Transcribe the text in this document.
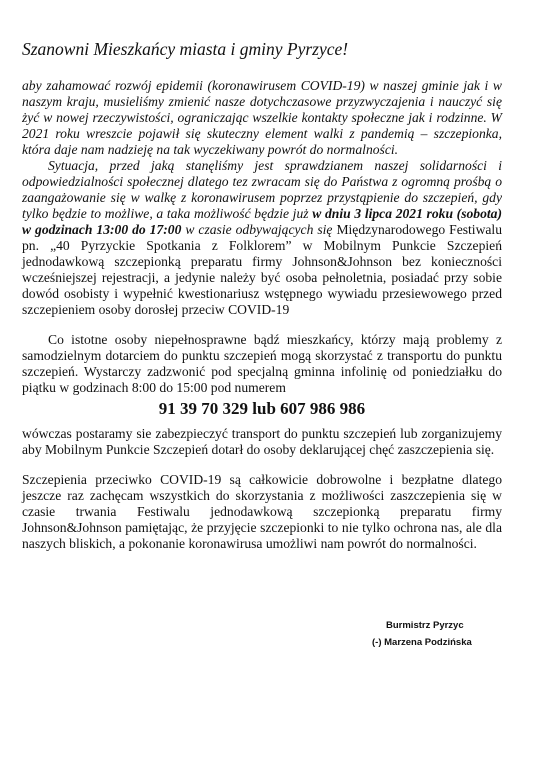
Szanowni Mieszkańcy miasta i gminy Pyrzyce!

aby zahamować rozwój epidemii (koronawirusem COVID-19) w naszej gminie jak i w naszym kraju, musieliśmy zmienić nasze dotychczasowe przyzwyczajenia i nauczyć się żyć w nowej rzeczywistości, ograniczając wszelkie kontakty społeczne jak i rodzinne. W 2021 roku wreszcie pojawił się skuteczny element walki z pandemią – szczepionka, która daje nam nadzieję na tak wyczekiwany powrót do normalności.

Sytuacja, przed jaką stanęliśmy jest sprawdzianem naszej solidarności i odpowiedzialności społecznej dlatego tez zwracam się do Państwa z ogromną prośbą o zaangażowanie się w walkę z koronawirusem poprzez przystąpienie do szczepień, gdy tylko będzie to możliwe, a taka możliwość będzie już w dniu 3 lipca 2021 roku (sobota) w godzinach 13:00 do 17:00 w czasie odbywających się Międzynarodowego Festiwalu pn. „40 Pyrzyckie Spotkania z Folklorem” w Mobilnym Punkcie Szczepień jednodawkową szczepionką preparatu firmy Johnson&Johnson bez konieczności wcześniejszej rejestracji, a jedynie należy być osoba pełnoletnia, posiadać przy sobie dowód osobisty i wypełnić kwestionariusz wstępnego wywiadu przesiewowego przed szczepieniem osoby dorosłej przeciw COVID-19

Co istotne osoby niepełnosprawne bądź mieszkańcy, którzy mają problemy z samodzielnym dotarciem do punktu szczepień mogą skorzystać z transportu do punktu szczepień. Wystarczy zadzwonić pod specjalną gminna infolinię od poniedziałku do piątku w godzinach 8:00 do 15:00 pod numerem

91 39 70 329 lub 607 986 986

wówczas postaramy sie zabezpieczyć transport do punktu szczepień lub zorganizujemy aby Mobilnym Punkcie Szczepień dotarł do osoby deklarującej chęć zaszczepienia się.

Szczepienia przeciwko COVID-19 są całkowicie dobrowolne i bezpłatne dlatego jeszcze raz zachęcam wszystkich do skorzystania z możliwości zaszczepienia się w czasie trwania Festiwalu jednodawkową szczepionką preparatu firmy Johnson&Johnson pamiętając, że przyjęcie szczepionki to nie tylko ochrona nas, ale dla naszych bliskich, a pokonanie koronawirusa umożliwi nam powrót do normalności.

Burmistrz Pyrzyc
(-) Marzena Podzińska
